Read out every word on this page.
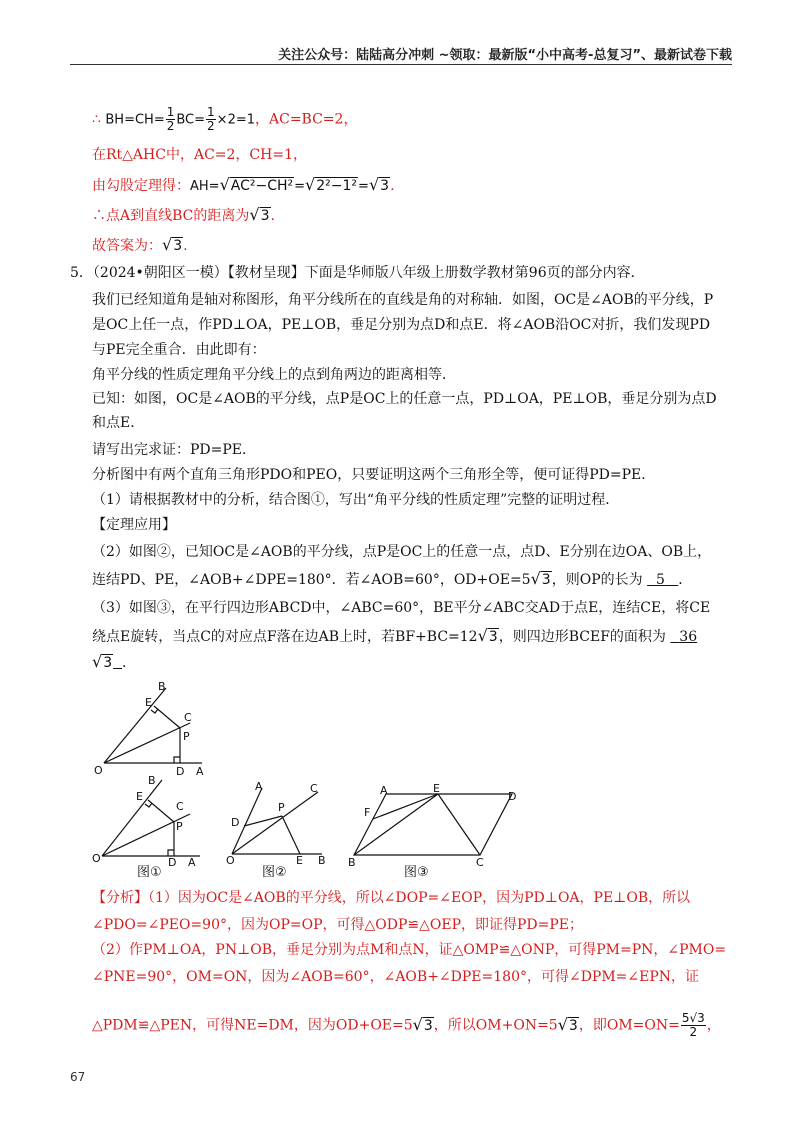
关注公众号：陆陆高分冲刺 ~领取：最新版“小中高考-总复习”、最新试卷下载
∴ $BH=CH= \frac{1}{2} BC= \frac{1}{2} \times 2=1$，AC=BC=2，
在Rt△AHC中，AC=2，CH=1，
由勾股定理得：AH=√AC²−CH²=√2²−1²=√3.
∴点A到直线BC的距离为√3.
故答案为：√3.
5．（2024•朝阳区一模）【教材呈现】下面是华师版八年级上册数学教材第96页的部分内容．
我们已经知道角是轴对称图形，角平分线所在的直线是角的对称轴．如图，OC是∠AOB的平分线，P
是OC上任一点，作PD⊥OA，PE⊥OB，垂足分别为点D和点E．将∠AOB沿OC对折，我们发现PD
与PE完全重合．由此即有：
角平分线的性质定理角平分线上的点到角两边的距离相等．
已知：如图，OC是∠AOB的平分线，点P是OC上的任意一点，PD⊥OA，PE⊥OB，垂足分别为点D
和点E．
请写出完求证：PD=PE．
分析图中有两个直角三角形PDO和PEO，只要证明这两个三角形全等，便可证得PD=PE．
（1）请根据教材中的分析，结合图①，写出“角平分线的性质定理”完整的证明过程．
【定理应用】
（2）如图②，已知OC是∠AOB的平分线，点P是OC上的任意一点，点D、E分别在边OA、OB上，
连结PD、PE，∠AOB+∠DPE=180°．若∠AOB=60°，OD+OE=5√3，则OP的长为 5 ．
（3）如图③，在平行四边形ABCD中，∠ABC=60°，BE平分∠ABC交AD于点E，连结CE，将CE
绕点E旋转，当点C的对应点F落在边AB上时，若BF+BC=12√3，则四边形BCEF的面积为 36
√3 ．
O	D A
B
E
C
P
O	D A
B
E
C
P
图①
O	E B
A
D
P
C
图②
B	C
D
E
F
A
图③
【分析】（1）因为OC是∠AOB的平分线，所以∠DOP=∠EOP，因为PD⊥OA，PE⊥OB，所以
∠PDO=∠PEO=90°，因为OP=OP，可得△ODP≌△OEP，即证得PD=PE；
（2）作PM⊥OA，PN⊥OB，垂足分别为点M和点N，证△OMP≌△ONP，可得PM=PN，∠PMO=
∠PNE=90°，OM=ON，因为∠AOB=60°，∠AOB+∠DPE=180°，可得∠DPM=∠EPN，证
△PDM≌△PEN，可得NE=DM，因为OD+OE=5√3，所以OM+ON=5√3，即$OM=ON= \frac{5√3}{2}$ ，
67
